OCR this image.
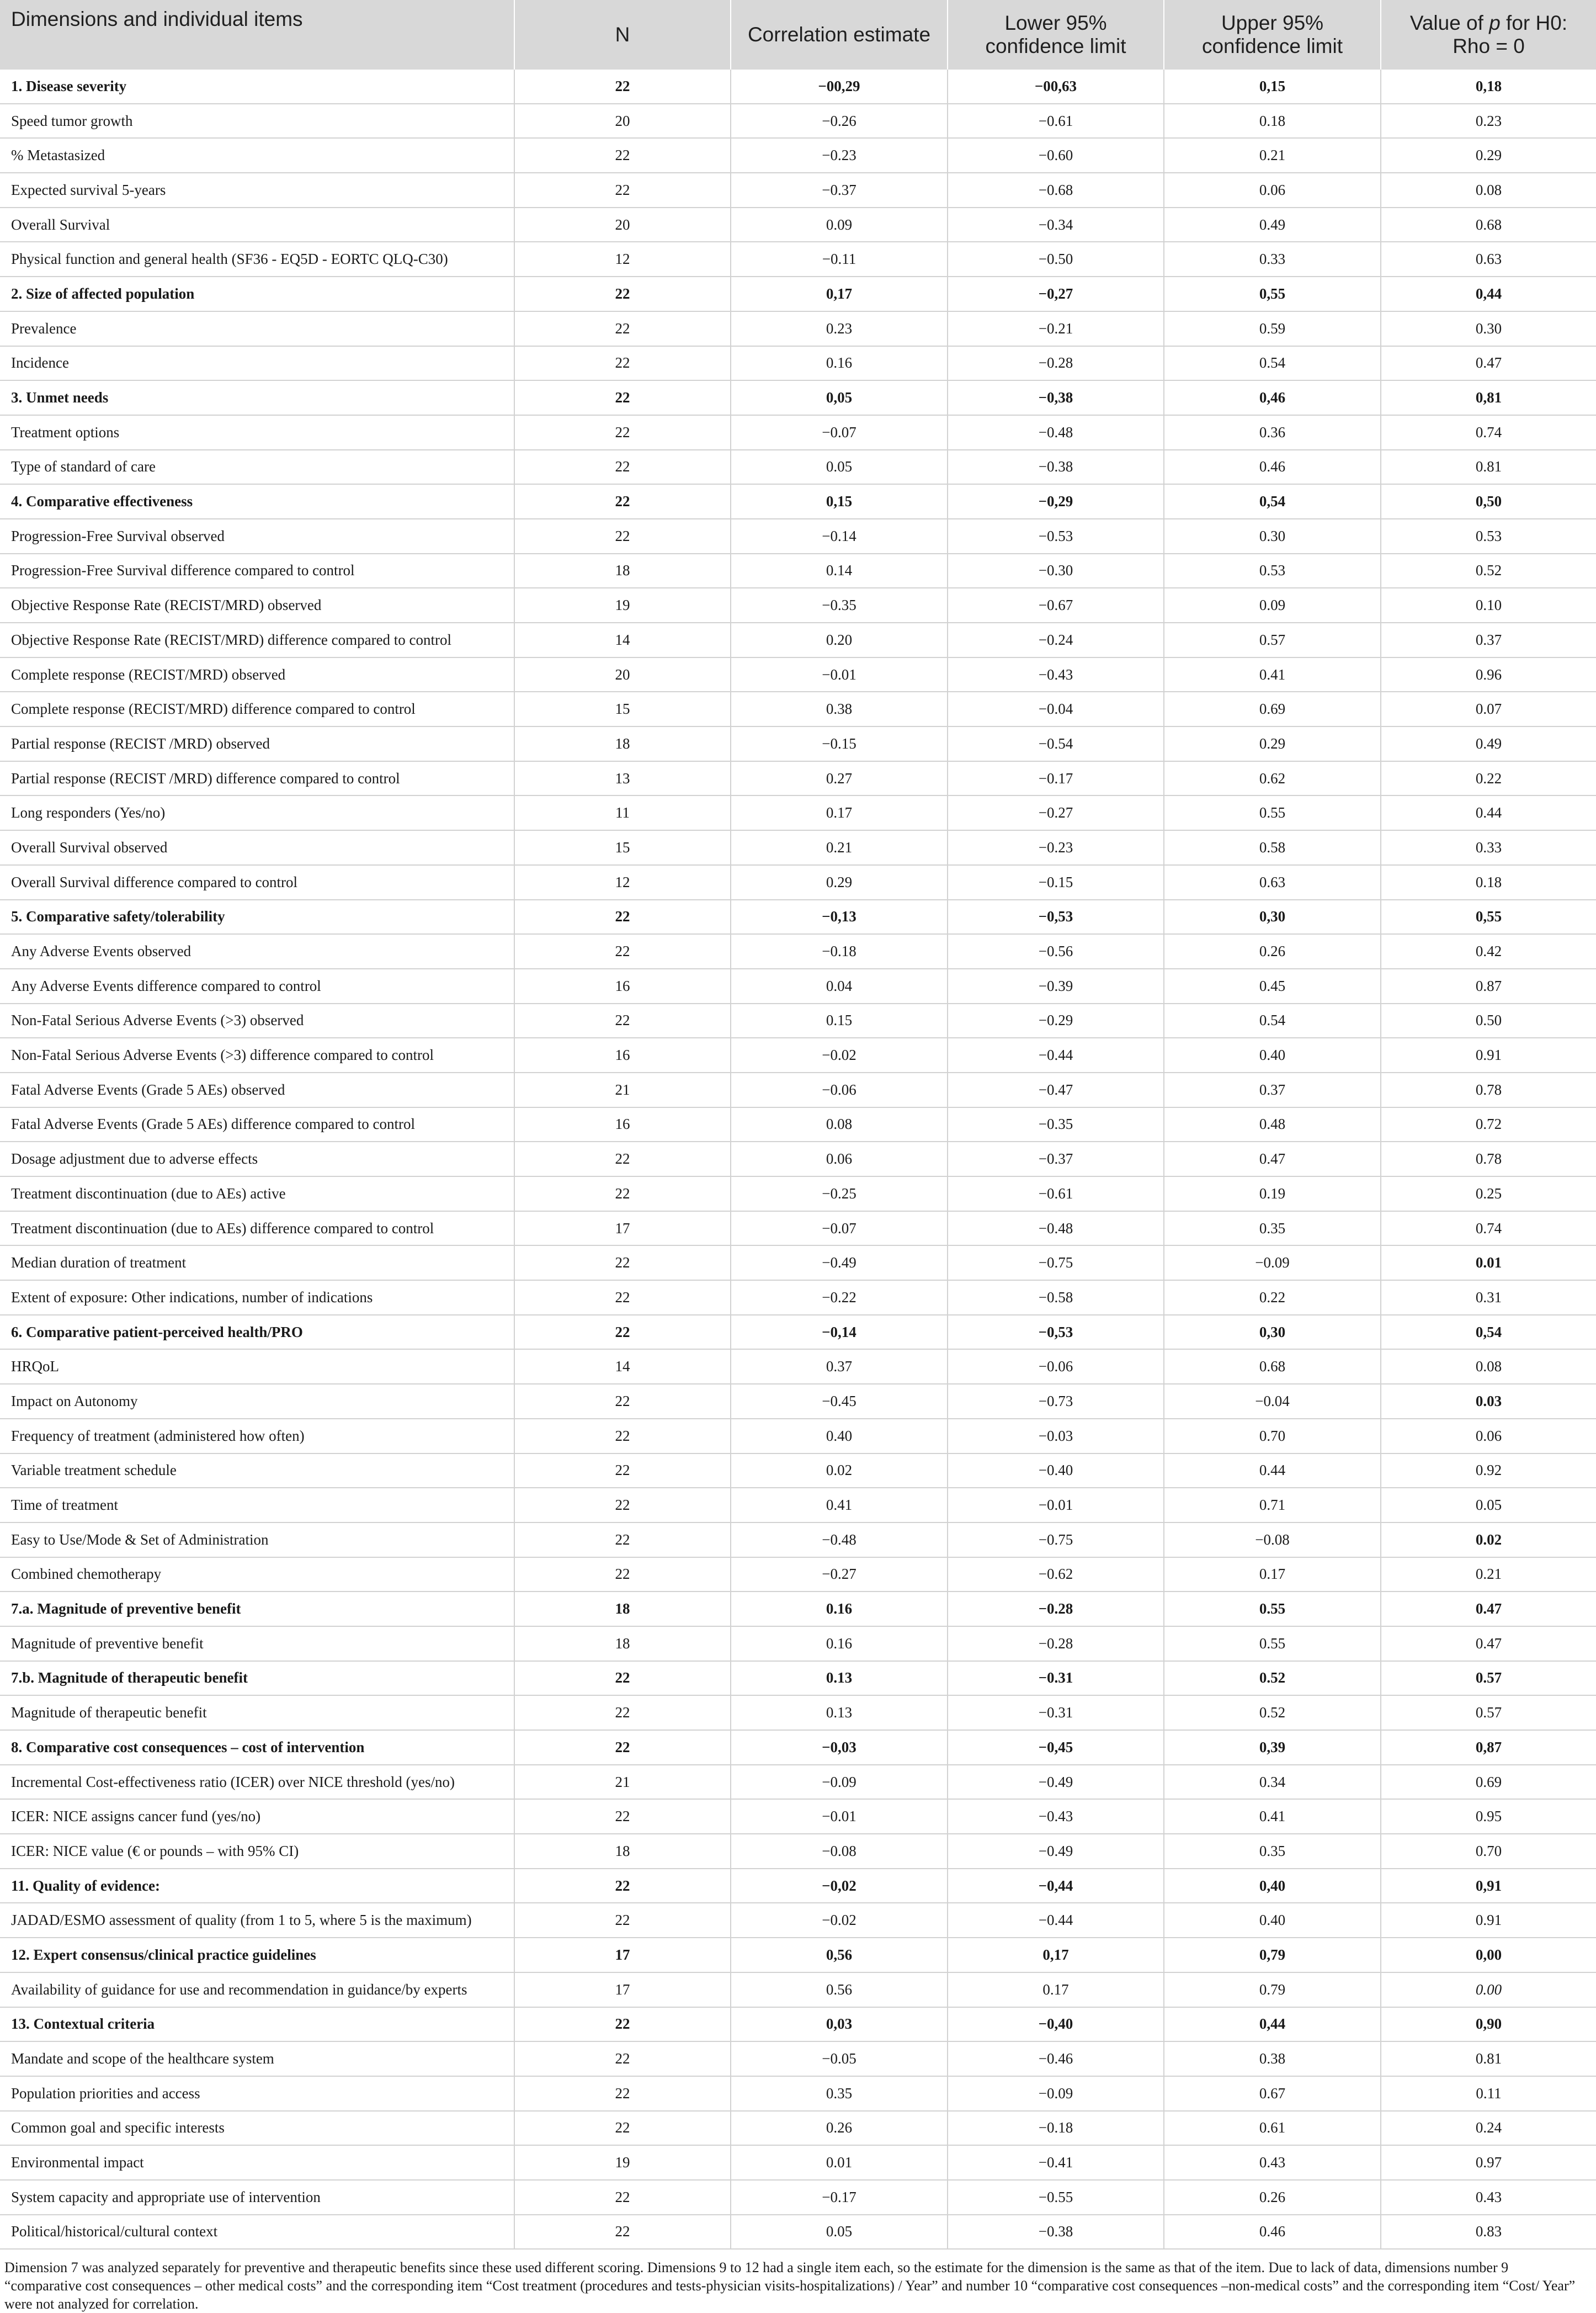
Dimensions and individual items	N	Correlation estimate	Lower 95% confidence limit	Upper 95% confidence limit	Value of p for H0: Rho = 0
1. Disease severity	22	−00,29	−00,63	0,15	0,18
Speed tumor growth	20	−0.26	−0.61	0.18	0.23
% Metastasized	22	−0.23	−0.60	0.21	0.29
Expected survival 5-years	22	−0.37	−0.68	0.06	0.08
Overall Survival	20	0.09	−0.34	0.49	0.68
Physical function and general health (SF36 - EQ5D - EORTC QLQ-C30)	12	−0.11	−0.50	0.33	0.63
2. Size of affected population	22	0,17	−0,27	0,55	0,44
Prevalence	22	0.23	−0.21	0.59	0.30
Incidence	22	0.16	−0.28	0.54	0.47
3. Unmet needs	22	0,05	−0,38	0,46	0,81
Treatment options	22	−0.07	−0.48	0.36	0.74
Type of standard of care	22	0.05	−0.38	0.46	0.81
4. Comparative effectiveness	22	0,15	−0,29	0,54	0,50
Progression-Free Survival observed	22	−0.14	−0.53	0.30	0.53
Progression-Free Survival difference compared to control	18	0.14	−0.30	0.53	0.52
Objective Response Rate (RECIST/MRD) observed	19	−0.35	−0.67	0.09	0.10
Objective Response Rate (RECIST/MRD) difference compared to control	14	0.20	−0.24	0.57	0.37
Complete response (RECIST/MRD) observed	20	−0.01	−0.43	0.41	0.96
Complete response (RECIST/MRD) difference compared to control	15	0.38	−0.04	0.69	0.07
Partial response (RECIST /MRD) observed	18	−0.15	−0.54	0.29	0.49
Partial response (RECIST /MRD) difference compared to control	13	0.27	−0.17	0.62	0.22
Long responders (Yes/no)	11	0.17	−0.27	0.55	0.44
Overall Survival observed	15	0.21	−0.23	0.58	0.33
Overall Survival difference compared to control	12	0.29	−0.15	0.63	0.18
5. Comparative safety/tolerability	22	−0,13	−0,53	0,30	0,55
Any Adverse Events observed	22	−0.18	−0.56	0.26	0.42
Any Adverse Events difference compared to control	16	0.04	−0.39	0.45	0.87
Non-Fatal Serious Adverse Events (>3) observed	22	0.15	−0.29	0.54	0.50
Non-Fatal Serious Adverse Events (>3) difference compared to control	16	−0.02	−0.44	0.40	0.91
Fatal Adverse Events (Grade 5 AEs) observed	21	−0.06	−0.47	0.37	0.78
Fatal Adverse Events (Grade 5 AEs) difference compared to control	16	0.08	−0.35	0.48	0.72
Dosage adjustment due to adverse effects	22	0.06	−0.37	0.47	0.78
Treatment discontinuation (due to AEs) active	22	−0.25	−0.61	0.19	0.25
Treatment discontinuation (due to AEs) difference compared to control	17	−0.07	−0.48	0.35	0.74
Median duration of treatment	22	−0.49	−0.75	−0.09	0.01
Extent of exposure: Other indications, number of indications	22	−0.22	−0.58	0.22	0.31
6. Comparative patient-perceived health/PRO	22	−0,14	−0,53	0,30	0,54
HRQoL	14	0.37	−0.06	0.68	0.08
Impact on Autonomy	22	−0.45	−0.73	−0.04	0.03
Frequency of treatment (administered how often)	22	0.40	−0.03	0.70	0.06
Variable treatment schedule	22	0.02	−0.40	0.44	0.92
Time of treatment	22	0.41	−0.01	0.71	0.05
Easy to Use/Mode & Set of Administration	22	−0.48	−0.75	−0.08	0.02
Combined chemotherapy	22	−0.27	−0.62	0.17	0.21
7.a. Magnitude of preventive benefit	18	0.16	−0.28	0.55	0.47
Magnitude of preventive benefit	18	0.16	−0.28	0.55	0.47
7.b. Magnitude of therapeutic benefit	22	0.13	−0.31	0.52	0.57
Magnitude of therapeutic benefit	22	0.13	−0.31	0.52	0.57
8. Comparative cost consequences – cost of intervention	22	−0,03	−0,45	0,39	0,87
Incremental Cost-effectiveness ratio (ICER) over NICE threshold (yes/no)	21	−0.09	−0.49	0.34	0.69
ICER: NICE assigns cancer fund (yes/no)	22	−0.01	−0.43	0.41	0.95
ICER: NICE value (€ or pounds – with 95% CI)	18	−0.08	−0.49	0.35	0.70
11. Quality of evidence:	22	−0,02	−0,44	0,40	0,91
JADAD/ESMO assessment of quality (from 1 to 5, where 5 is the maximum)	22	−0.02	−0.44	0.40	0.91
12. Expert consensus/clinical practice guidelines	17	0,56	0,17	0,79	0,00
Availability of guidance for use and recommendation in guidance/by experts	17	0.56	0.17	0.79	0.00
13. Contextual criteria	22	0,03	−0,40	0,44	0,90
Mandate and scope of the healthcare system	22	−0.05	−0.46	0.38	0.81
Population priorities and access	22	0.35	−0.09	0.67	0.11
Common goal and specific interests	22	0.26	−0.18	0.61	0.24
Environmental impact	19	0.01	−0.41	0.43	0.97
System capacity and appropriate use of intervention	22	−0.17	−0.55	0.26	0.43
Political/historical/cultural context	22	0.05	−0.38	0.46	0.83
Dimension 7 was analyzed separately for preventive and therapeutic benefits since these used different scoring. Dimensions 9 to 12 had a single item each, so the estimate for the dimension is the same as that of the item. Due to lack of data, dimensions number 9 “comparative cost consequences – other medical costs” and the corresponding item “Cost treatment (procedures and tests-physician visits-hospitalizations) / Year” and number 10 “comparative cost consequences –non-medical costs” and the corresponding item “Cost/ Year” were not analyzed for correlation.
